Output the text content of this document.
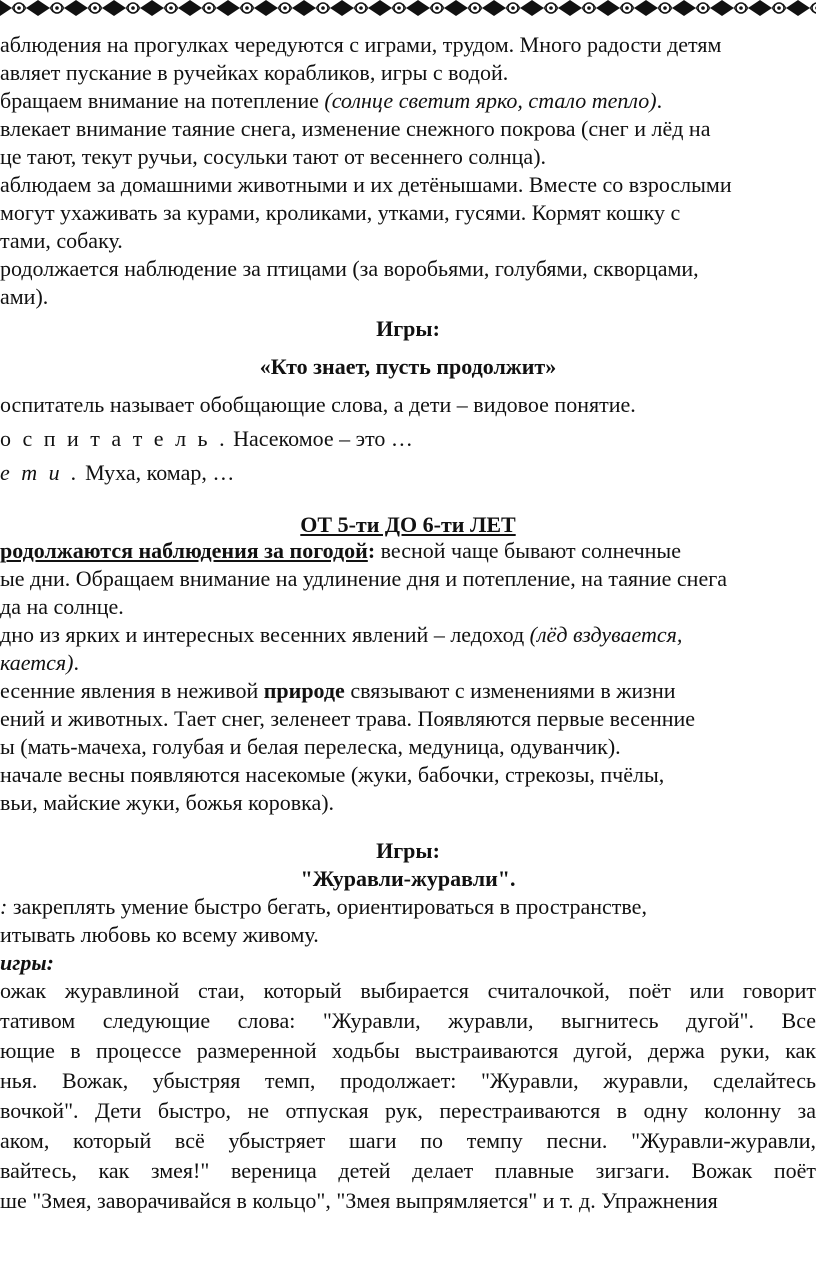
аблюдения на прогулках чередуются с играми, трудом. Много радости детям
авляет пускание в ручейках корабликов, игры с водой.
бращаем внимание на потепление (солнце светит ярко, стало тепло).
влекает внимание таяние снега, изменение снежного покрова (снег и лёд на
це тают, текут ручьи, сосульки тают от весеннего солнца).
аблюдаем за домашними животными и их детёнышами. Вместе со взрослыми
могут ухаживать за курами, кроликами, утками, гусями. Кормят кошку с
тами, собаку.
родолжается наблюдение за птицами (за воробьями, голубями, скворцами,
ами).
Игры:
«Кто знает, пусть продолжит»
оспитатель называет обобщающие слова, а дети – видовое понятие.
о с п и т а т е л ь . Насекомое – это …
е т и . Муха, комар, …
ОТ 5-ти ДО 6-ти ЛЕТ
родолжаются наблюдения за погодой: весной чаще бывают солнечные
ые дни. Обращаем внимание на удлинение дня и потепление, на таяние снега
да на солнце.
дно из ярких и интересных весенних явлений – ледоход (лёд вздувается,
кается).
есенние явления в неживой природе связывают с изменениями в жизни
ений и животных. Тает снег, зеленеет трава. Появляются первые весенние
ы (мать-мачеха, голубая и белая перелеска, медуница, одуванчик).
начале весны появляются насекомые (жуки, бабочки, стрекозы, пчёлы,
вьи, майские жуки, божья коровка).
Игры:
"Журавли-журавли".
: закреплять умение быстро бегать, ориентироваться в пространстве,
итывать любовь ко всему живому.
игры:
ожак журавлиной стаи, который выбирается считалочкой, поёт или говорит
тативом следующие слова: "Журавли, журавли, выгнитесь дугой". Все
ющие в процессе размеренной ходьбы выстраиваются дугой, держа руки, как
нья. Вожак, убыстряя темп, продолжает: "Журавли, журавли, сделайтесь
вочкой". Дети быстро, не отпуская рук, перестраиваются в одну колонну за
аком, который всё убыстряет шаги по темпу песни. "Журавли-журавли,
вайтесь, как змея!" вереница детей делает плавные зигзаги. Вожак поёт
ше "Змея, заворачивайся в кольцо", "Змея выпрямляется" и т. д. Упражнения
